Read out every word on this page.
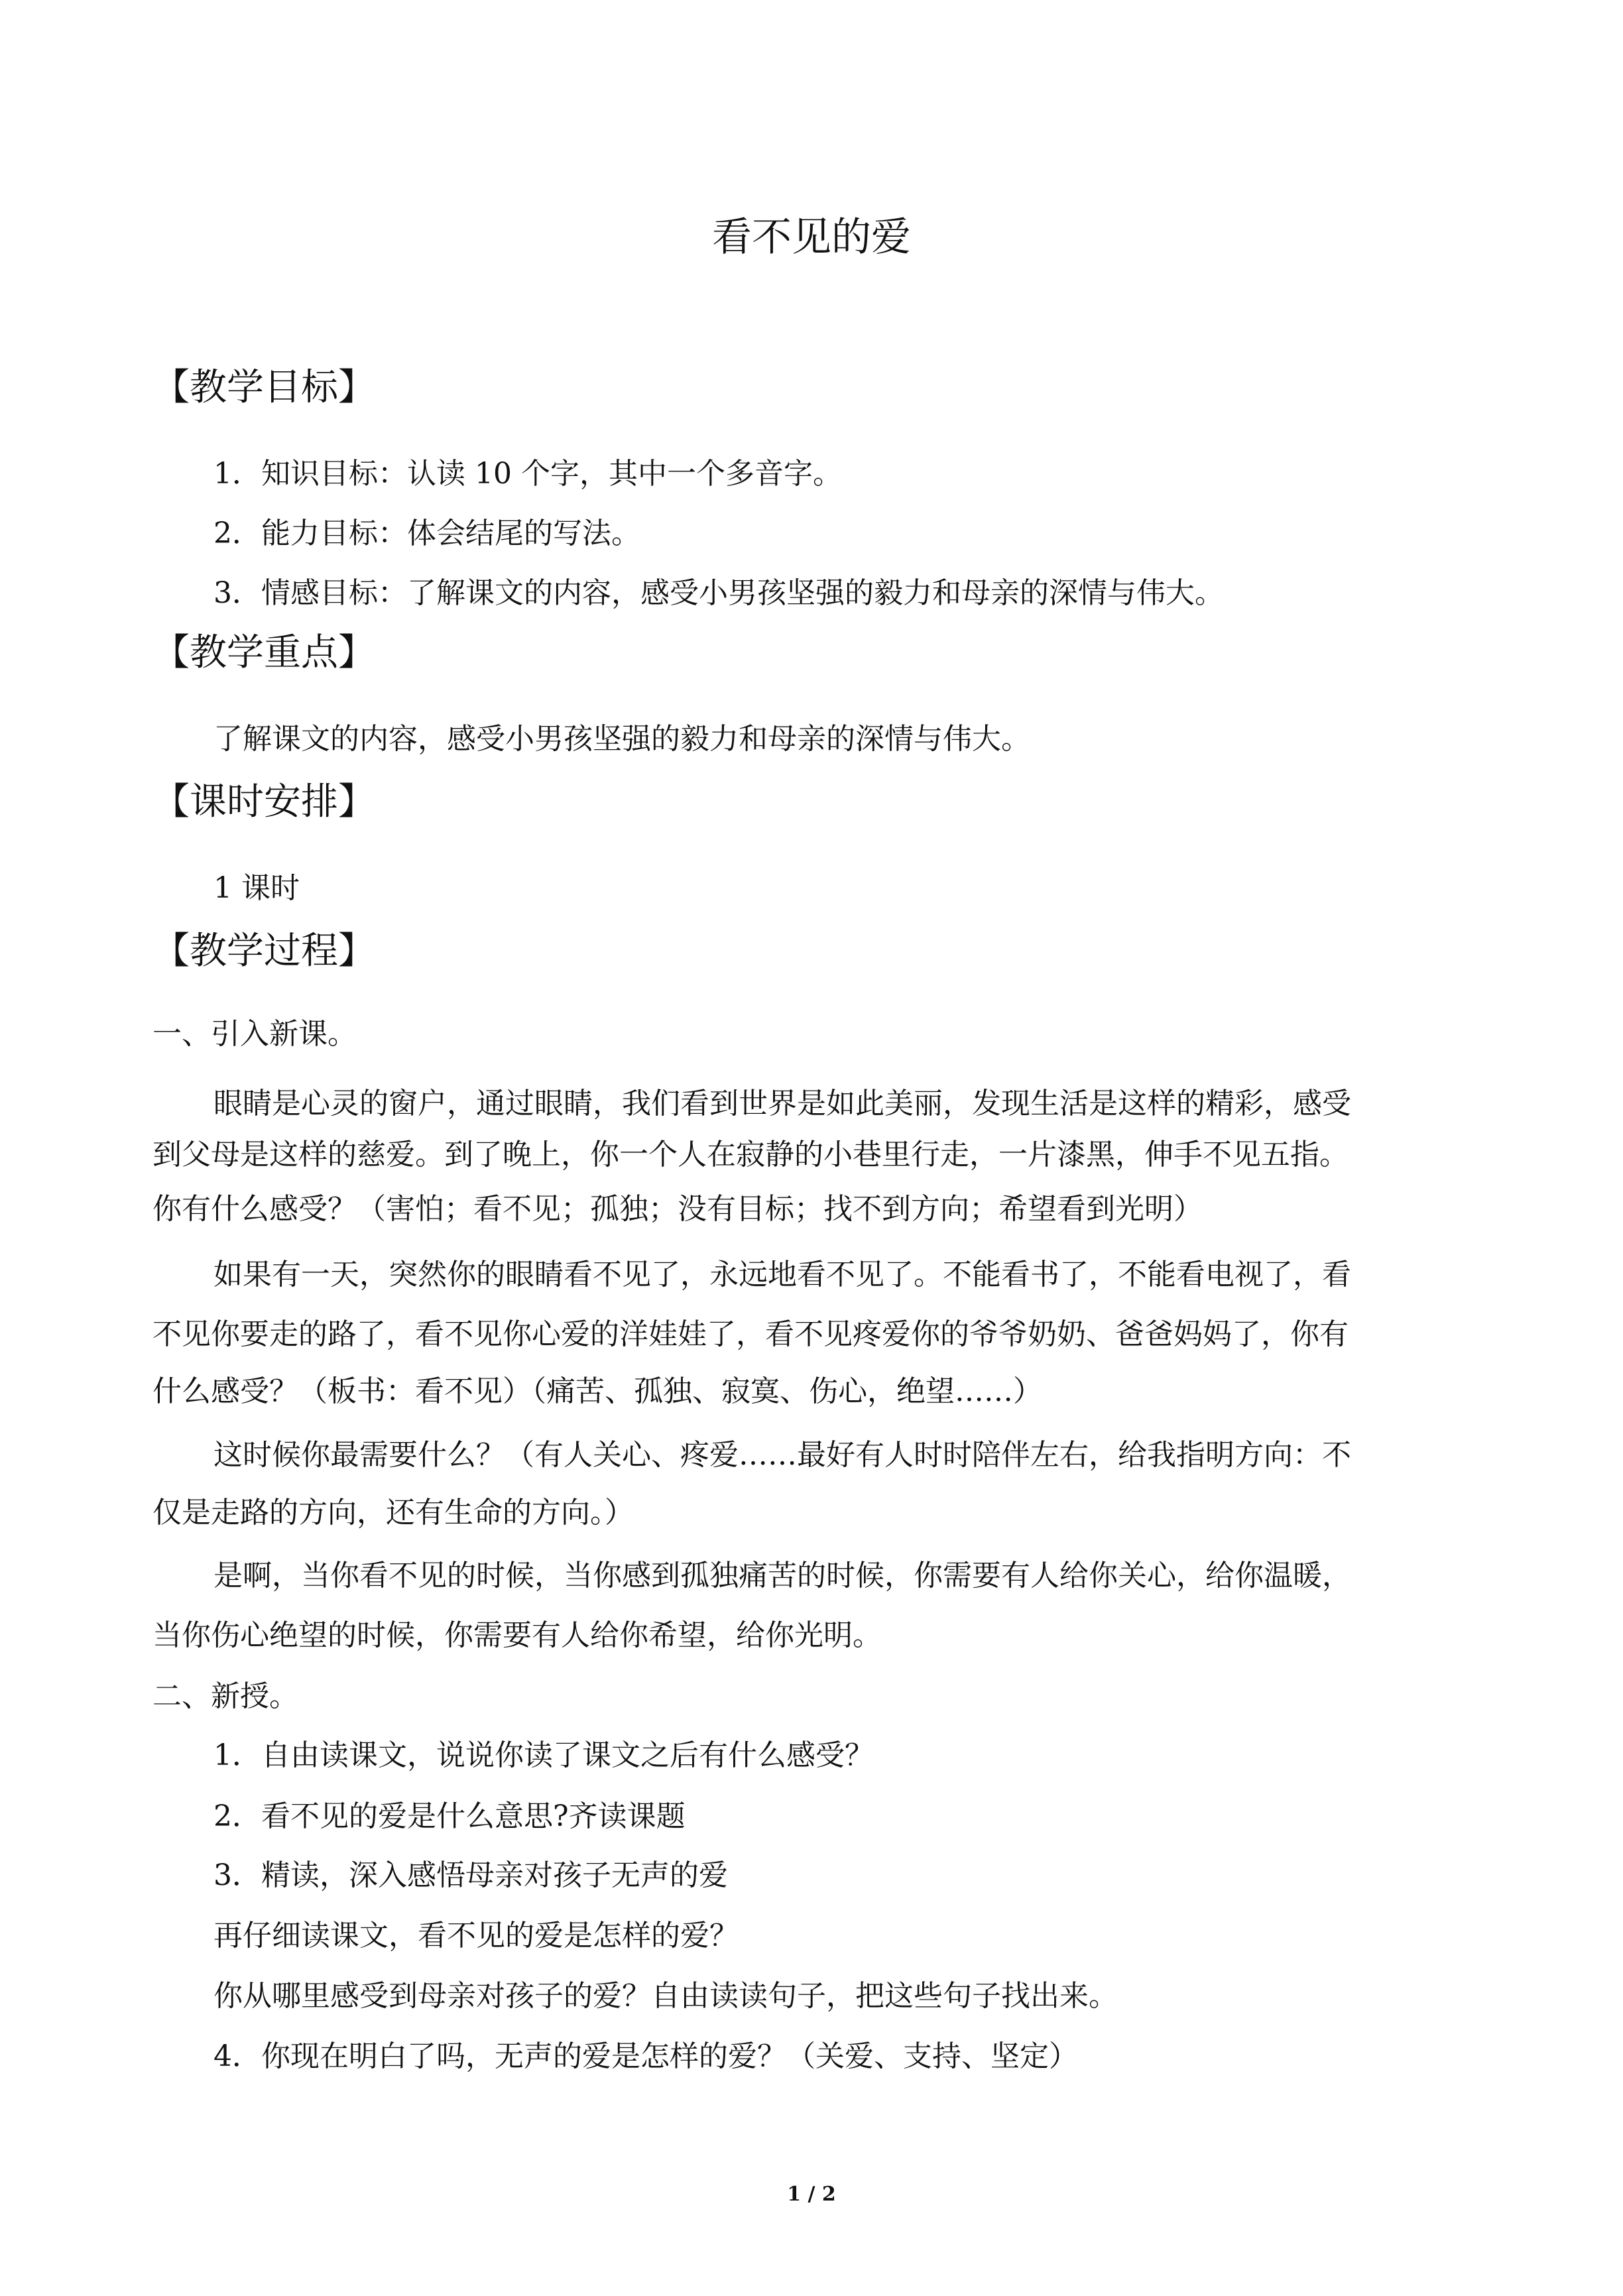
看不见的爱
【教学目标】
1．知识目标：认读 10 个字，其中一个多音字。
2．能力目标：体会结尾的写法。
3．情感目标：了解课文的内容，感受小男孩坚强的毅力和母亲的深情与伟大。
【教学重点】
了解课文的内容，感受小男孩坚强的毅力和母亲的深情与伟大。
【课时安排】
1 课时
【教学过程】
一、引入新课。
眼睛是心灵的窗户，通过眼睛，我们看到世界是如此美丽，发现生活是这样的精彩，感受
到父母是这样的慈爱。到了晚上，你一个人在寂静的小巷里行走，一片漆黑，伸手不见五指。
你有什么感受？（害怕；看不见；孤独；没有目标；找不到方向；希望看到光明）
如果有一天，突然你的眼睛看不见了，永远地看不见了。不能看书了，不能看电视了，看
不见你要走的路了，看不见你心爱的洋娃娃了，看不见疼爱你的爷爷奶奶、爸爸妈妈了，你有
什么感受？（板书：看不见）（痛苦、孤独、寂寞、伤心，绝望……）
这时候你最需要什么？（有人关心、疼爱……最好有人时时陪伴左右，给我指明方向：不
仅是走路的方向，还有生命的方向。）
是啊，当你看不见的时候，当你感到孤独痛苦的时候，你需要有人给你关心，给你温暖，
当你伤心绝望的时候，你需要有人给你希望，给你光明。
二、新授。
1．自由读课文，说说你读了课文之后有什么感受？
2．看不见的爱是什么意思?齐读课题
3．精读，深入感悟母亲对孩子无声的爱
再仔细读课文，看不见的爱是怎样的爱？
你从哪里感受到母亲对孩子的爱？自由读读句子，把这些句子找出来。
4．你现在明白了吗，无声的爱是怎样的爱？（关爱、支持、坚定）
1 / 2
